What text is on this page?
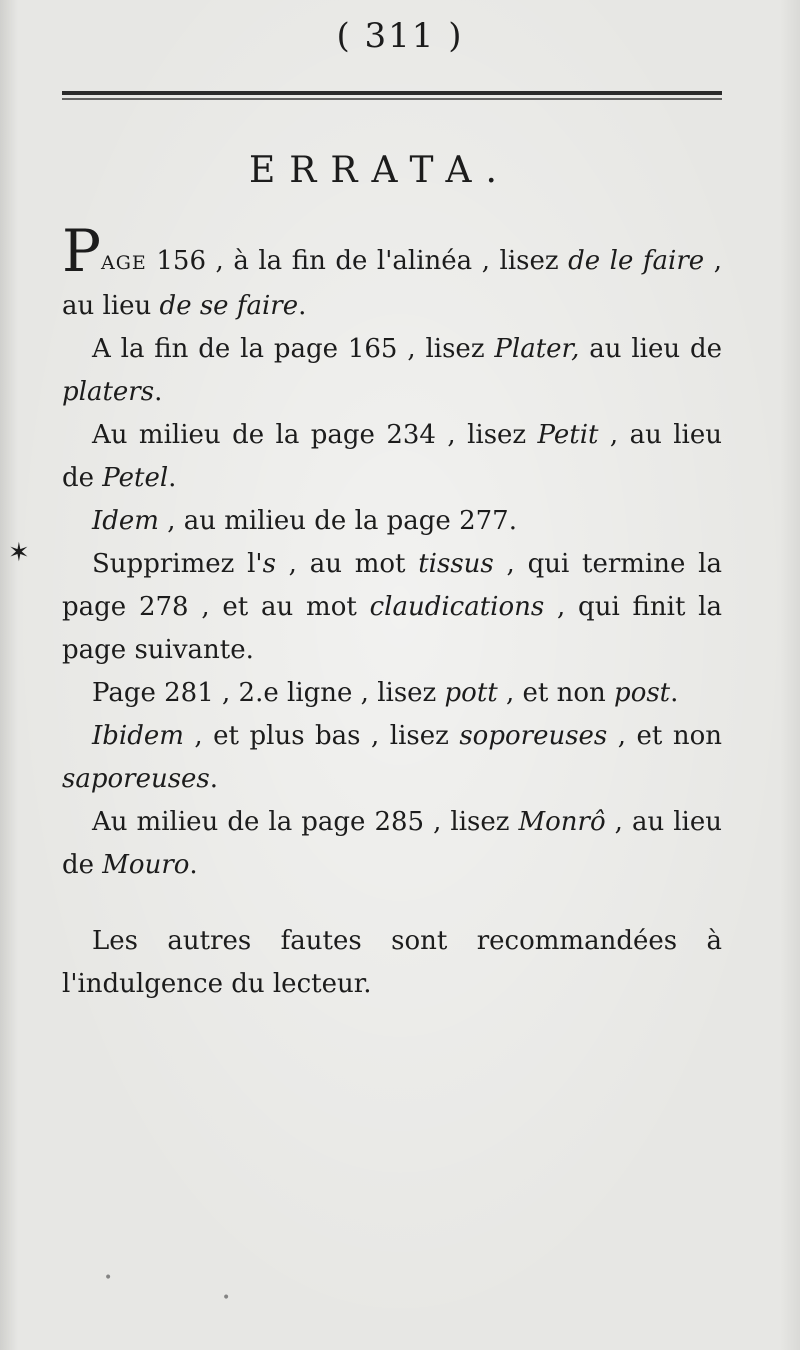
( 311 )
ERRATA.

PAGE 156 , à la fin de l'alinéa , lisez de le faire , au lieu de se faire.

A la fin de la page 165 , lisez Plater, au lieu de platers.

Au milieu de la page 234 , lisez Petit , au lieu de Petel.

Idem , au milieu de la page 277.

Supprimez l's , au mot tissus , qui termine la page 278 , et au mot claudications , qui finit la page suivante.

Page 281 , 2.e ligne , lisez pott , et non post.

Ibidem , et plus bas , lisez soporeuses , et non saporeuses.

Au milieu de la page 285 , lisez Monrô , au lieu de Mouro.

Les autres fautes sont recommandées à l'indulgence du lecteur.

✶
•
•
